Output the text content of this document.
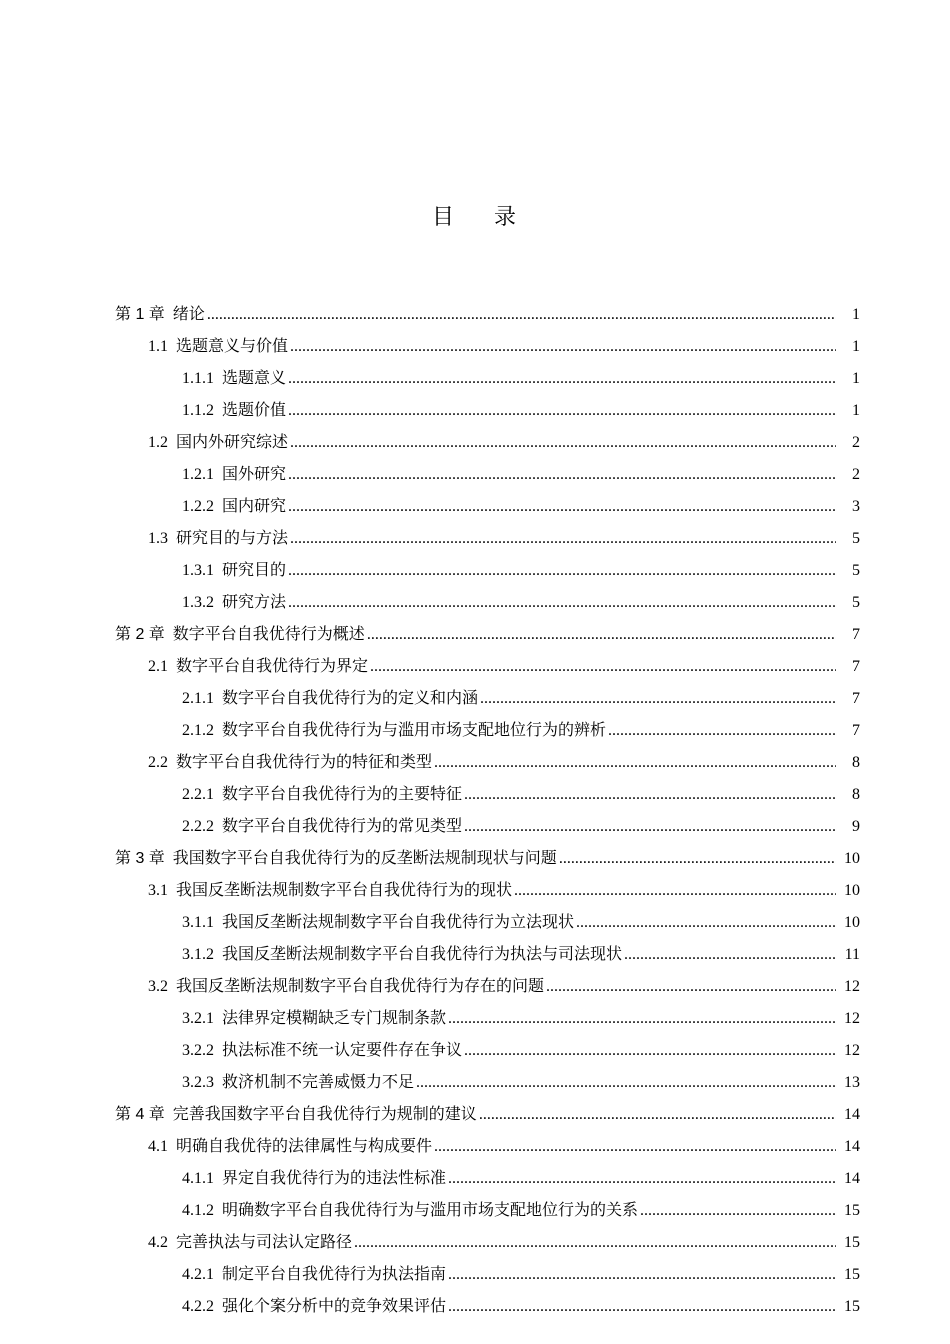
目 录
第 1 章 绪论 .....	1
1.1 选题意义与价值 .....	1
1.1.1 选题意义 .....	1
1.1.2 选题价值 .....	1
1.2 国内外研究综述 .....	2
1.2.1 国外研究 .....	2
1.2.2 国内研究 .....	3
1.3 研究目的与方法 .....	5
1.3.1 研究目的 .....	5
1.3.2 研究方法 .....	5
第 2 章 数字平台自我优待行为概述 .....	7
2.1 数字平台自我优待行为界定 .....	7
2.1.1 数字平台自我优待行为的定义和内涵 .....	7
2.1.2 数字平台自我优待行为与滥用市场支配地位行为的辨析 .....	7
2.2 数字平台自我优待行为的特征和类型 .....	8
2.2.1 数字平台自我优待行为的主要特征 .....	8
2.2.2 数字平台自我优待行为的常见类型 .....	9
第 3 章 我国数字平台自我优待行为的反垄断法规制现状与问题 .....	10
3.1 我国反垄断法规制数字平台自我优待行为的现状 .....	10
3.1.1 我国反垄断法规制数字平台自我优待行为立法现状 .....	10
3.1.2 我国反垄断法规制数字平台自我优待行为执法与司法现状 .....	11
3.2 我国反垄断法规制数字平台自我优待行为存在的问题 .....	12
3.2.1 法律界定模糊缺乏专门规制条款 .....	12
3.2.2 执法标准不统一认定要件存在争议 .....	12
3.2.3 救济机制不完善威慑力不足 .....	13
第 4 章 完善我国数字平台自我优待行为规制的建议 .....	14
4.1 明确自我优待的法律属性与构成要件 .....	14
4.1.1 界定自我优待行为的违法性标准 .....	14
4.1.2 明确数字平台自我优待行为与滥用市场支配地位行为的关系 .....	15
4.2 完善执法与司法认定路径 .....	15
4.2.1 制定平台自我优待行为执法指南 .....	15
4.2.2 强化个案分析中的竞争效果评估 .....	15
